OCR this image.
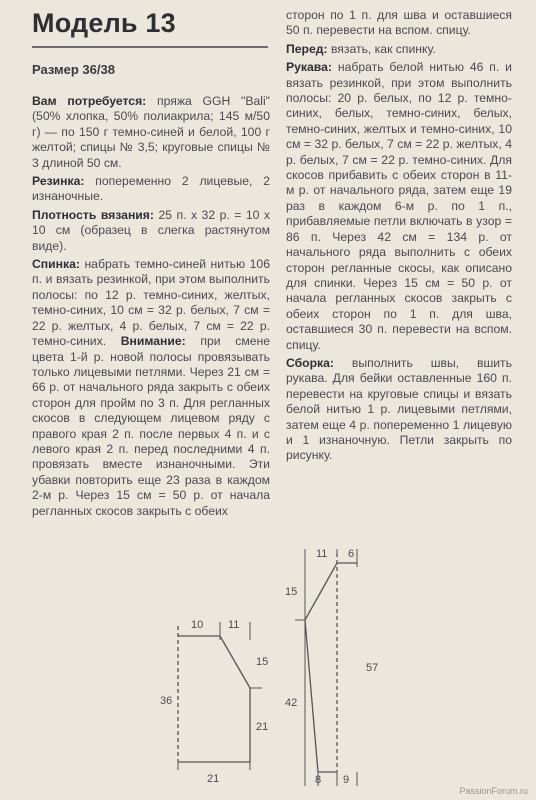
Модель 13
Размер 36/38

Вам потребуется: пряжа GGH "Bali" (50% хлопка, 50% полиакрила; 145 м/50 г) — по 150 г темно-синей и белой, 100 г желтой; спицы № 3,5; круговые спицы № 3 длиной 50 см.

Резинка: попеременно 2 лицевые, 2 изнаночные.

Плотность вязания: 25 п. х 32 р. = 10 х 10 см (образец в слегка растянутом виде).

Спинка: набрать темно-синей нитью 106 п. и вязать резинкой, при этом выполнить полосы: по 12 р. темно-синих, желтых, темно-синих, 10 см = 32 р. белых, 7 см = 22 р. желтых, 4 р. белых, 7 см = 22 р. темно-синих. Внимание: при смене цвета 1-й р. новой полосы провязывать только лицевыми петлями. Через 21 см = 66 р. от начального ряда закрыть с обеих сторон для пройм по 3 п. Для регланных скосов в следующем лицевом ряду с правого края 2 п. после первых 4 п. и с левого края 2 п. перед последними 4 п. провязать вместе изнаночными. Эти убавки повторить еще 23 раза в каждом 2-м р. Через 15 см = 50 р. от начала регланных скосов закрыть с обеих

сторон по 1 п. для шва и оставшиеся 50 п. перевести на вспом. спицу.

Перед: вязать, как спинку.

Рукава: набрать белой нитью 46 п. и вязать резинкой, при этом выполнить полосы: 20 р. белых, по 12 р. темно-синих, белых, темно-синих, белых, темно-синих, желтых и темно-синих, 10 см = 32 р. белых, 7 см = 22 р. желтых, 4 р. белых, 7 см = 22 р. темно-синих. Для скосов прибавить с обеих сторон в 11-м р. от начального ряда, затем еще 19 раз в каждом 6-м р. по 1 п., прибавляемые петли включать в узор = 86 п. Через 42 см = 134 р. от начального ряда выполнить с обеих сторон регланные скосы, как описано для спинки. Через 15 см = 50 р. от начала регланных скосов закрыть с обеих сторон по 1 п. для шва, оставшиеся 30 п. перевести на вспом. спицу.

Сборка: выполнить швы, вшить рукава. Для бейки оставленные 160 п. перевести на круговые спицы и вязать белой нитью 1 р. лицевыми петлями, затем еще 4 р. попеременно 1 лицевую и 1 изнаночную. Петли закрыть по рисунку.

10 11
15
36
21
21
11 6
15
57
42
8 9
PassionForum.ru
